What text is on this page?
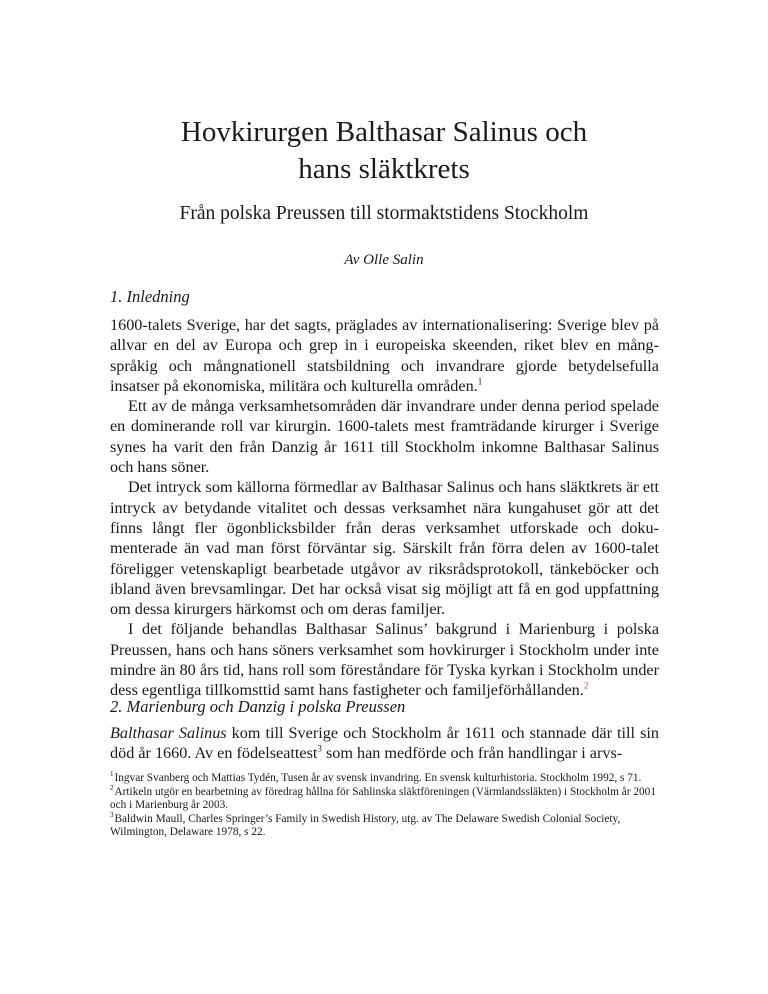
Hovkirurgen Balthasar Salinus och
hans släktkrets
Från polska Preussen till stormaktstidens Stockholm
Av Olle Salin
1. Inledning

1600-talets Sverige, har det sagts, präglades av internationalisering: Sverige blev på allvar en del av Europa och grep in i europeiska skeenden, riket blev en mångspråkig och mångnationell statsbildning och invandrare gjorde betydelsefulla insatser på ekonomiska, militära och kulturella områden.$^1$

Ett av de många verksamhetsområden där invandrare under denna period spelade en dominerande roll var kirurgin. 1600-talets mest framträdande kirurger i Sverige synes ha varit den från Danzig år 1611 till Stockholm inkomne Balthasar Salinus och hans söner.

Det intryck som källorna förmedlar av Balthasar Salinus och hans släktkrets är ett intryck av betydande vitalitet och dessas verksamhet nära kungahuset gör att det finns långt fler ögonblicksbilder från deras verksamhet utforskade och dokumenterade än vad man först förväntar sig. Särskilt från förra delen av 1600-talet föreligger vetenskapligt bearbetade utgåvor av riksrådsprotokoll, tänkeböcker och ibland även brevsamlingar. Det har också visat sig möjligt att få en god uppfattning om dessa kirurgers härkomst och om deras familjer.

I det följande behandlas Balthasar Salinus’ bakgrund i Marienburg i polska Preussen, hans och hans söners verksamhet som hovkirurger i Stockholm under inte mindre än 80 års tid, hans roll som föreståndare för Tyska kyrkan i Stockholm under dess egentliga tillkomsttid samt hans fastigheter och familjeförhållanden.$^2$

2. Marienburg och Danzig i polska Preussen

Balthasar Salinus kom till Sverige och Stockholm år 1611 och stannade där till sin död år 1660. Av en födelseattest$^3$ som han medförde och från handlingar i arvs-

$^1$Ingvar Svanberg och Mattias Tydén, Tusen år av svensk invandring. En svensk kulturhistoria. Stockholm 1992, s 71.

$^2$Artikeln utgör en bearbetning av föredrag hållna för Sahlinska släktföreningen (Värmlandssläkten) i Stockholm år 2001 och i Marienburg år 2003.

$^3$Baldwin Maull, Charles Springer’s Family in Swedish History, utg. av The Delaware Swedish Colonial Society, Wilmington, Delaware 1978, s 22.
